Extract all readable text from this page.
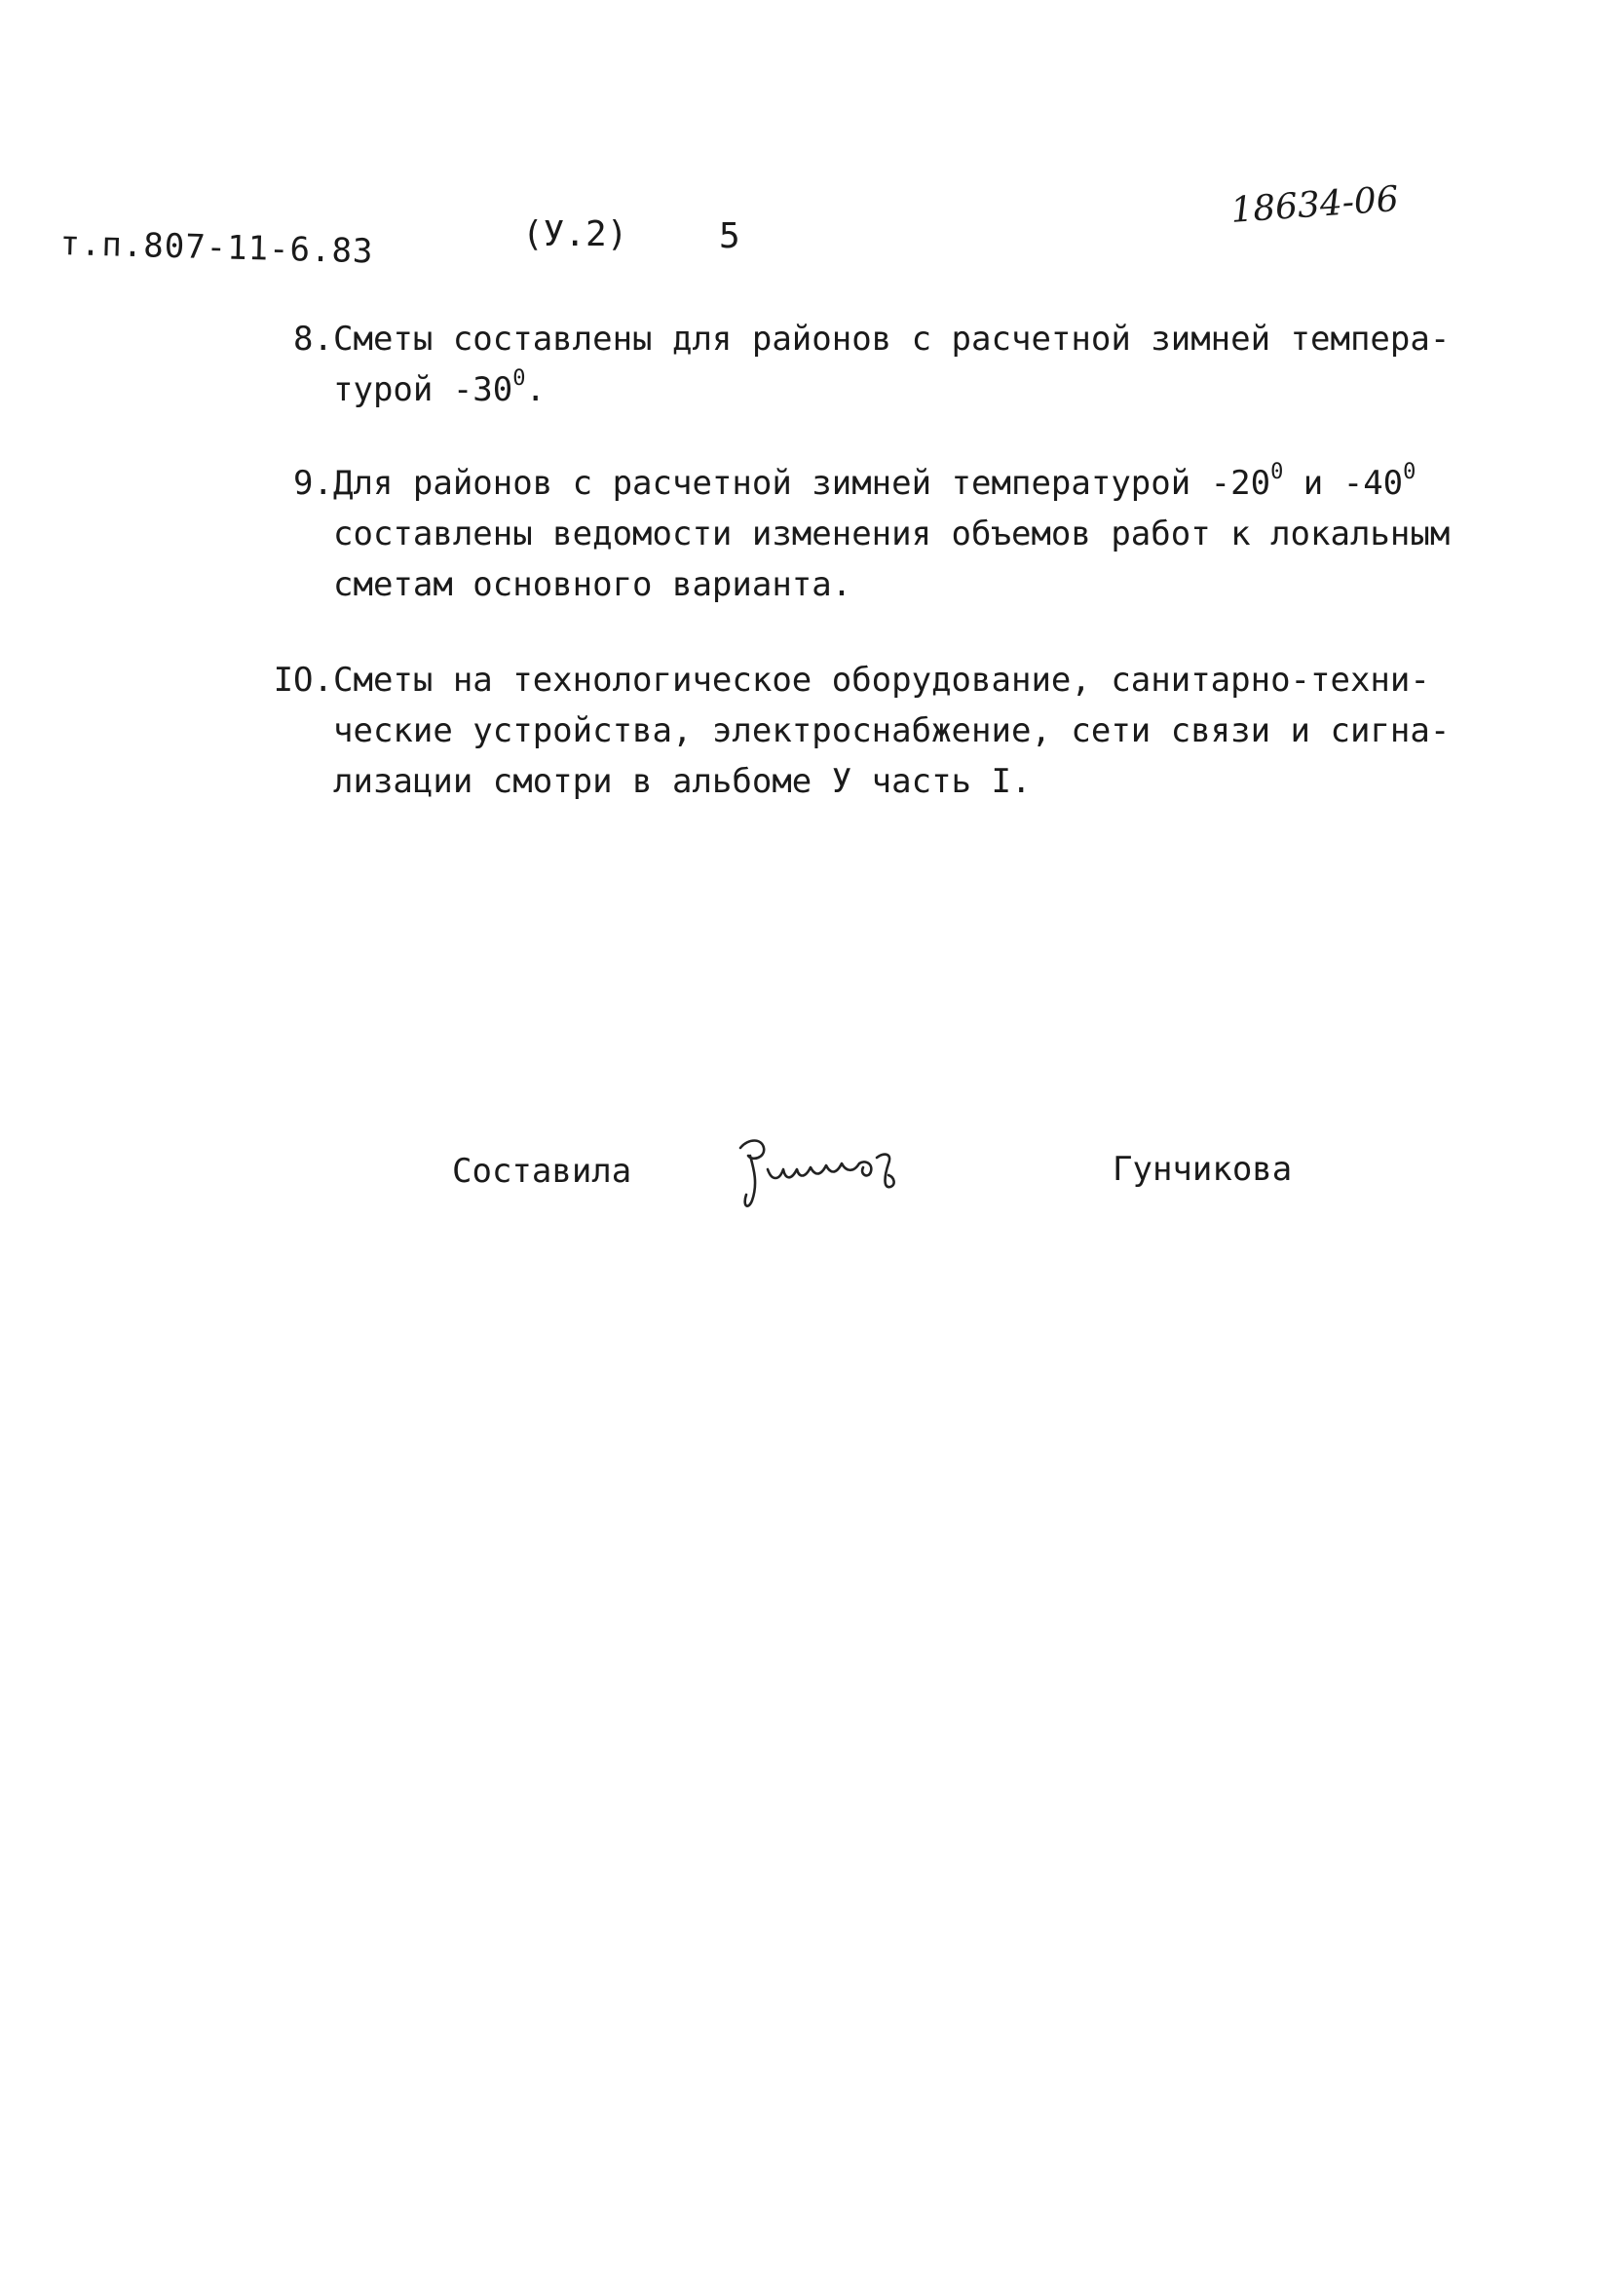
т.п.807-11-6.83	(У.2)	5
18634-06
8. Сметы составлены для районов с расчетной зимней темпера-
турой $-30^0$.
9. Для районов с расчетной зимней температурой $-20^0$ и $-40^0$
составлены ведомости изменения объемов работ к локальным
сметам основного варианта.
IO. Сметы на технологическое оборудование, санитарно-техни-
ческие устройства, электроснабжение, сети связи и сигна-
лизации смотри в альбоме У часть I.
Составила	Гунчикова
